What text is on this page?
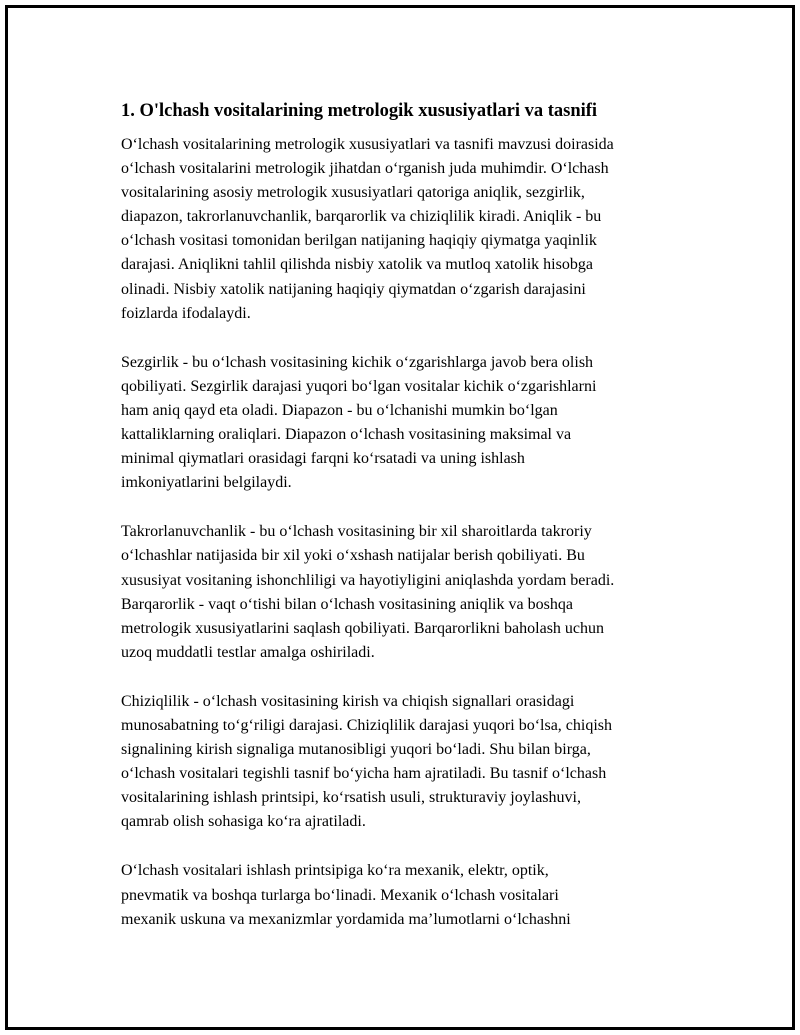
1. O'lchash vositalarining metrologik xususiyatlari va tasnifi

O‘lchash vositalarining metrologik xususiyatlari va tasnifi mavzusi doirasida
o‘lchash vositalarini metrologik jihatdan o‘rganish juda muhimdir. O‘lchash
vositalarining asosiy metrologik xususiyatlari qatoriga aniqlik, sezgirlik,
diapazon, takrorlanuvchanlik, barqarorlik va chiziqlilik kiradi. Aniqlik - bu
o‘lchash vositasi tomonidan berilgan natijaning haqiqiy qiymatga yaqinlik
darajasi. Aniqlikni tahlil qilishda nisbiy xatolik va mutloq xatolik hisobga
olinadi. Nisbiy xatolik natijaning haqiqiy qiymatdan o‘zgarish darajasini
foizlarda ifodalaydi.

Sezgirlik - bu o‘lchash vositasining kichik o‘zgarishlarga javob bera olish
qobiliyati. Sezgirlik darajasi yuqori bo‘lgan vositalar kichik o‘zgarishlarni
ham aniq qayd eta oladi. Diapazon - bu o‘lchanishi mumkin bo‘lgan
kattaliklarning oraliqlari. Diapazon o‘lchash vositasining maksimal va
minimal qiymatlari orasidagi farqni ko‘rsatadi va uning ishlash
imkoniyatlarini belgilaydi.

Takrorlanuvchanlik - bu o‘lchash vositasining bir xil sharoitlarda takroriy
o‘lchashlar natijasida bir xil yoki o‘xshash natijalar berish qobiliyati. Bu
xususiyat vositaning ishonchliligi va hayotiyligini aniqlashda yordam beradi.
Barqarorlik - vaqt o‘tishi bilan o‘lchash vositasining aniqlik va boshqa
metrologik xususiyatlarini saqlash qobiliyati. Barqarorlikni baholash uchun
uzoq muddatli testlar amalga oshiriladi.

Chiziqlilik - o‘lchash vositasining kirish va chiqish signallari orasidagi
munosabatning to‘g‘riligi darajasi. Chiziqlilik darajasi yuqori bo‘lsa, chiqish
signalining kirish signaliga mutanosibligi yuqori bo‘ladi. Shu bilan birga,
o‘lchash vositalari tegishli tasnif bo‘yicha ham ajratiladi. Bu tasnif o‘lchash
vositalarining ishlash printsipi, ko‘rsatish usuli, strukturaviy joylashuvi,
qamrab olish sohasiga ko‘ra ajratiladi.

O‘lchash vositalari ishlash printsipiga ko‘ra mexanik, elektr, optik,
pnevmatik va boshqa turlarga bo‘linadi. Mexanik o‘lchash vositalari
mexanik uskuna va mexanizmlar yordamida ma’lumotlarni o‘lchashni
